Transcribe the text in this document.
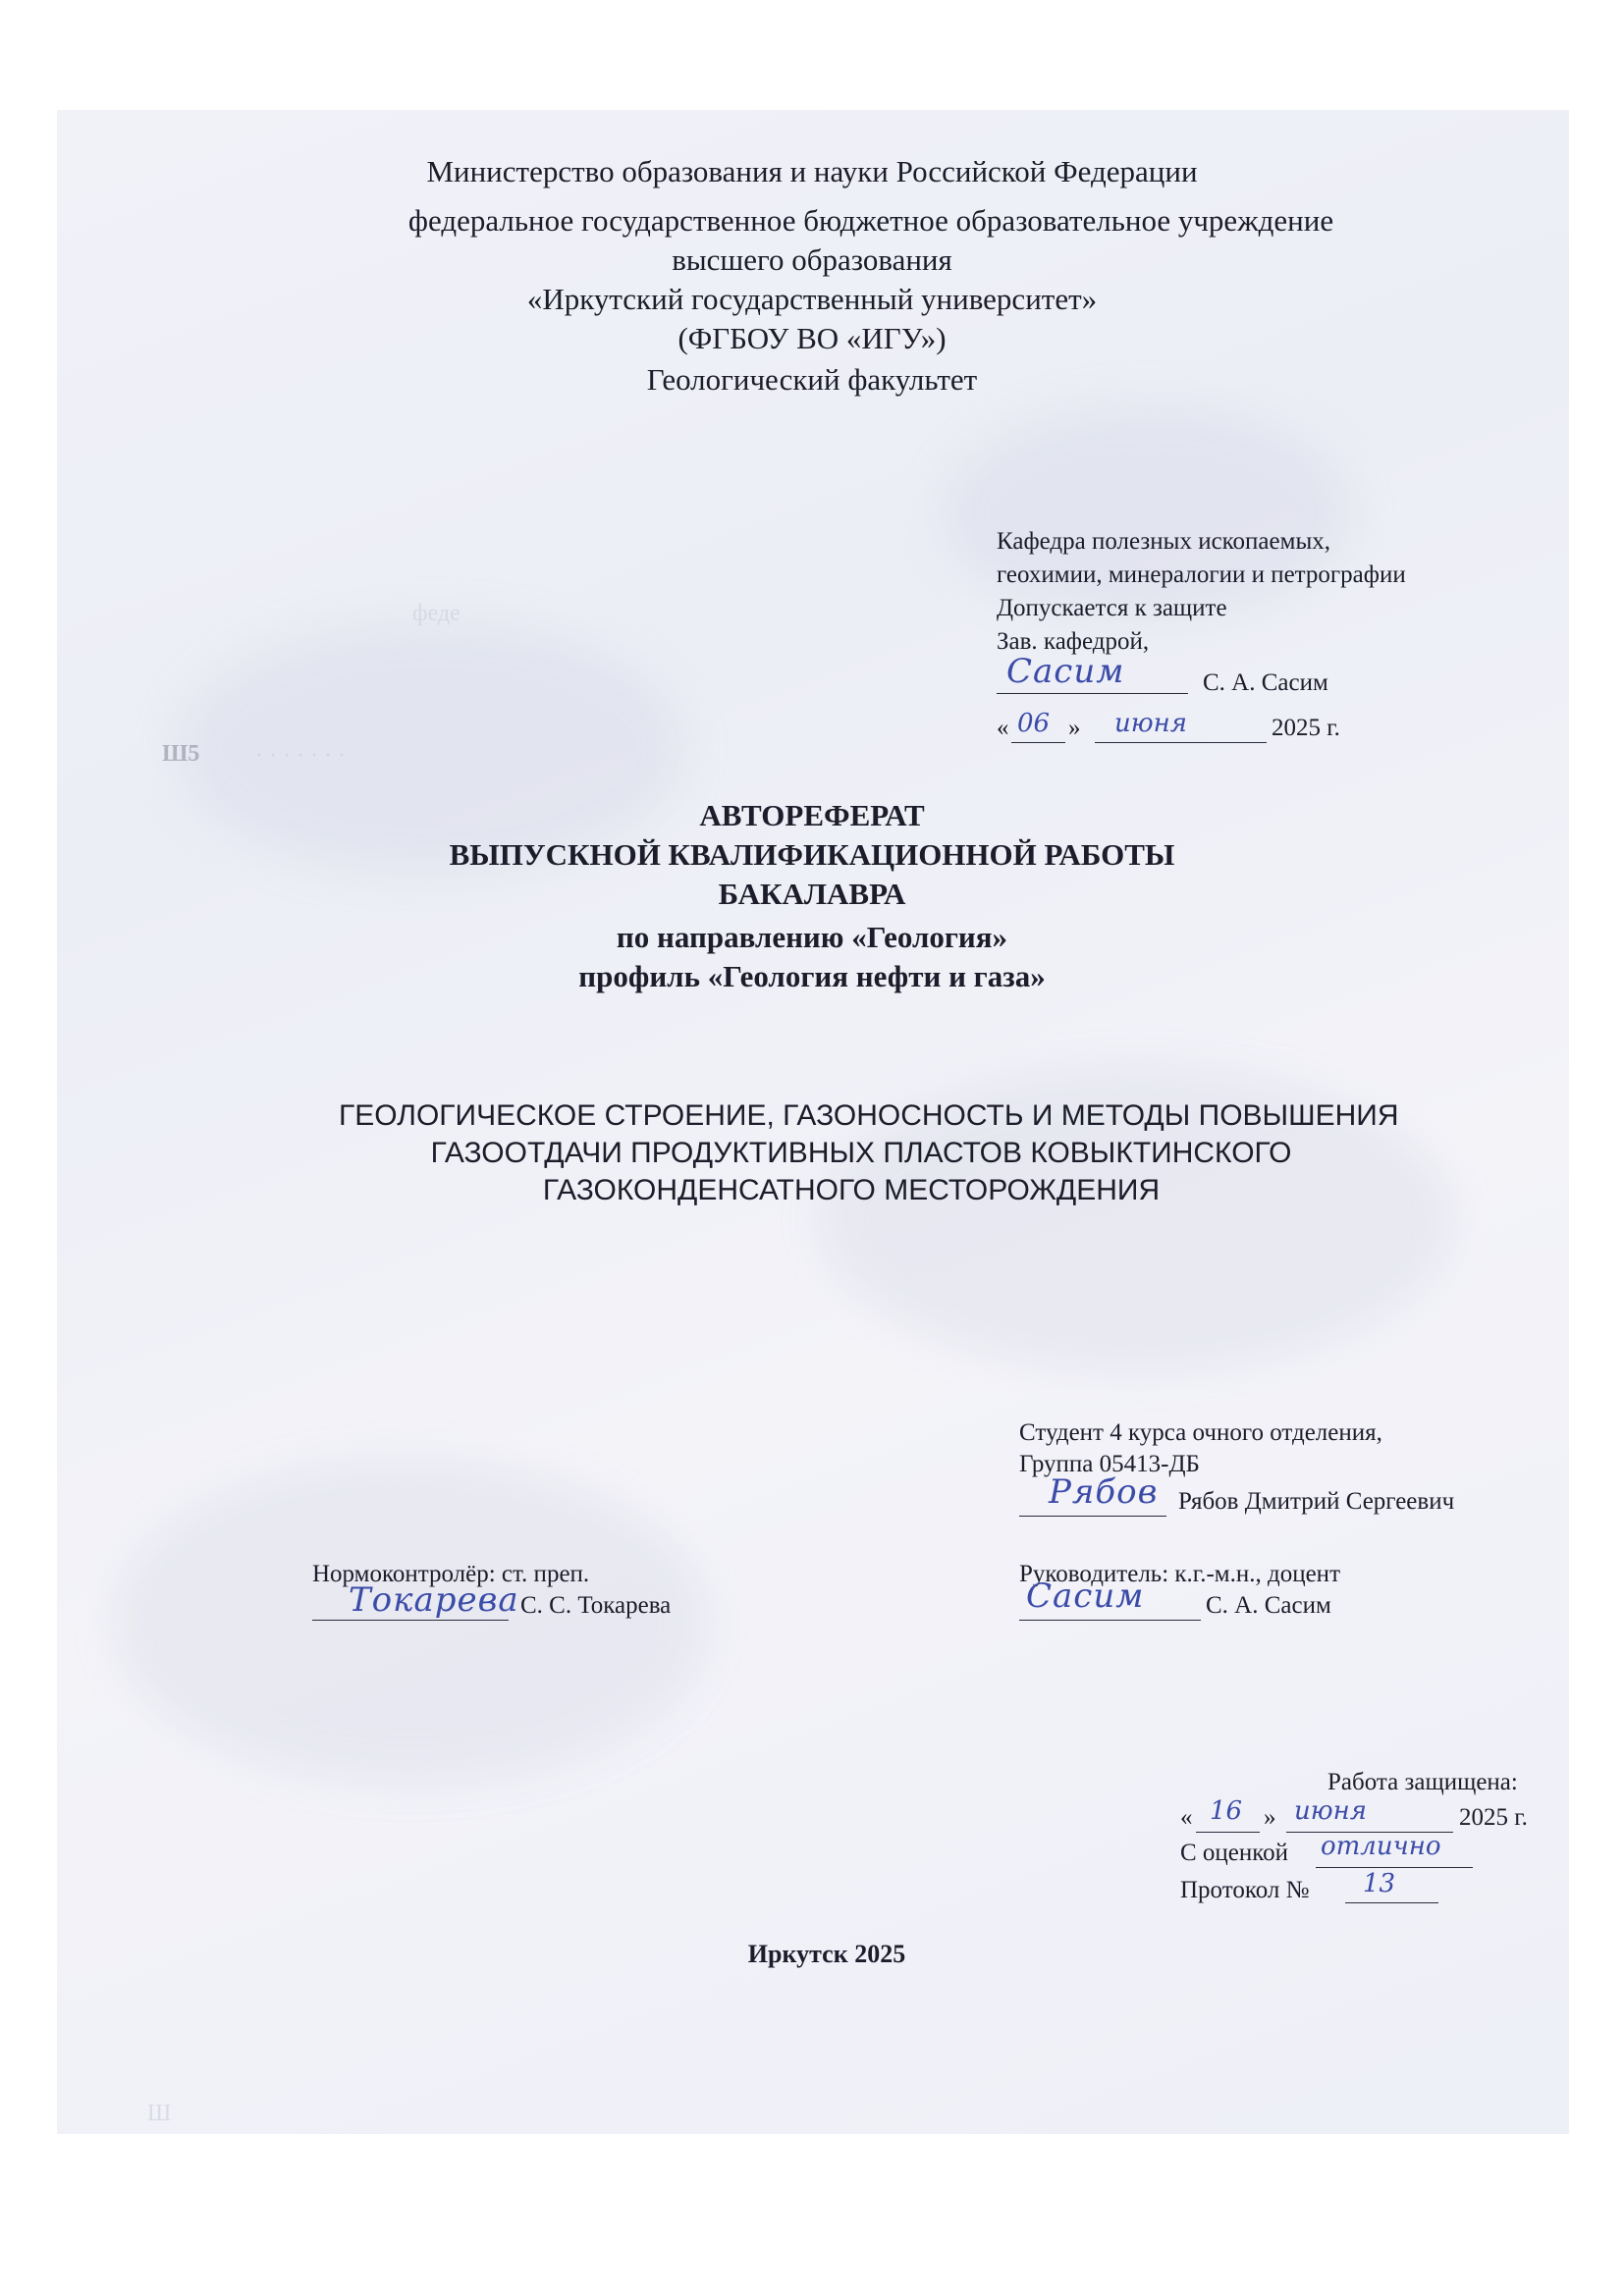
феде
Ш5 · · · · · · ·
Ш
Министерство образования и науки Российской Федерации
федеральное государственное бюджетное образовательное учреждение
высшего образования
«Иркутский государственный университет»
(ФГБОУ ВО «ИГУ»)
Геологический факультет
Кафедра полезных ископаемых,
геохимии, минералогии и петрографии
Допускается к защите
Зав. кафедрой,
Сасим	С. А. Сасим
« 06 » июня	2025 г.
АВТОРЕФЕРАТ
ВЫПУСКНОЙ КВАЛИФИКАЦИОННОЙ РАБОТЫ
БАКАЛАВРА
по направлению «Геология»
профиль «Геология нефти и газа»
ГЕОЛОГИЧЕСКОЕ СТРОЕНИЕ, ГАЗОНОСНОСТЬ И МЕТОДЫ ПОВЫШЕНИЯ
ГАЗООТДАЧИ ПРОДУКТИВНЫХ ПЛАСТОВ КОВЫКТИНСКОГО
ГАЗОКОНДЕНСАТНОГО МЕСТОРОЖДЕНИЯ
Студент 4 курса очного отделения,
Группа 05413-ДБ
Рябов Рябов Дмитрий Сергеевич
Нормоконтролёр: ст. преп.
Токарева С. С. Токарева
Руководитель: к.г.-м.н., доцент
Сасим	С. А. Сасим
Работа защищена:
« 16 » июня	2025 г.
С оценкой отлично
Протокол № 13
Иркутск 2025
